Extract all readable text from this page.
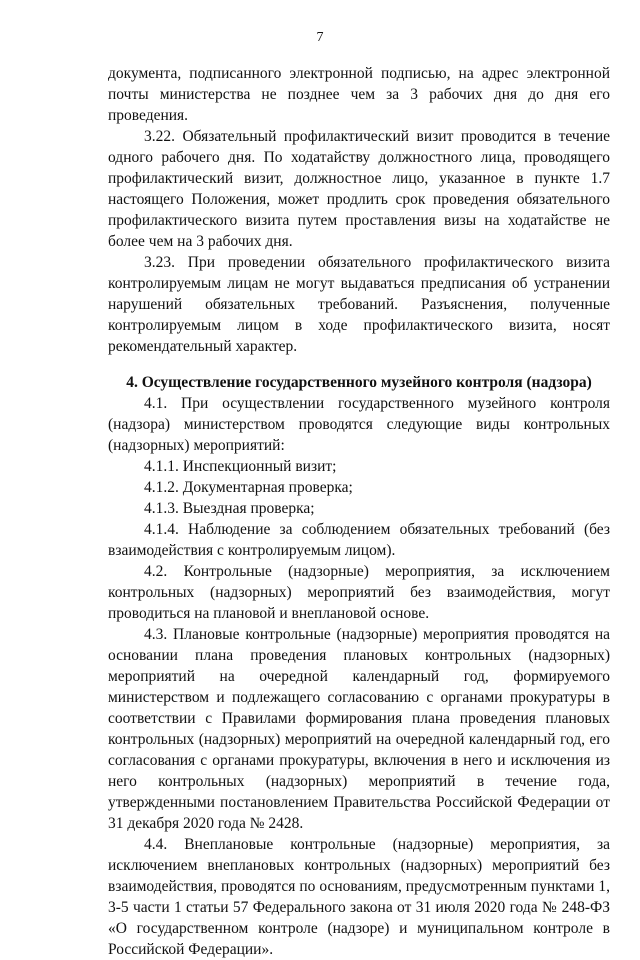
7

документа, подписанного электронной подписью, на адрес электронной почты министерства не позднее чем за 3 рабочих дня до дня его проведения.

3.22. Обязательный профилактический визит проводится в течение одного рабочего дня. По ходатайству должностного лица, проводящего профилактический визит, должностное лицо, указанное в пункте 1.7 настоящего Положения, может продлить срок проведения обязательного профилактического визита путем проставления визы на ходатайстве не более чем на 3 рабочих дня.

3.23. При проведении обязательного профилактического визита контролируемым лицам не могут выдаваться предписания об устранении нарушений обязательных требований. Разъяснения, полученные контролируемым лицом в ходе профилактического визита, носят рекомендательный характер.

4. Осуществление государственного музейного контроля (надзора)

4.1. При осуществлении государственного музейного контроля (надзора) министерством проводятся следующие виды контрольных (надзорных) мероприятий:

4.1.1. Инспекционный визит;

4.1.2. Документарная проверка;

4.1.3. Выездная проверка;

4.1.4. Наблюдение за соблюдением обязательных требований (без взаимодействия с контролируемым лицом).

4.2. Контрольные (надзорные) мероприятия, за исключением контрольных (надзорных) мероприятий без взаимодействия, могут проводиться на плановой и внеплановой основе.

4.3. Плановые контрольные (надзорные) мероприятия проводятся на основании плана проведения плановых контрольных (надзорных) мероприятий на очередной календарный год, формируемого министерством и подлежащего согласованию с органами прокуратуры в соответствии с Правилами формирования плана проведения плановых контрольных (надзорных) мероприятий на очередной календарный год, его согласования с органами прокуратуры, включения в него и исключения из него контрольных (надзорных) мероприятий в течение года, утвержденными постановлением Правительства Российской Федерации от 31 декабря 2020 года № 2428.

4.4. Внеплановые контрольные (надзорные) мероприятия, за исключением внеплановых контрольных (надзорных) мероприятий без взаимодействия, проводятся по основаниям, предусмотренным пунктами 1, 3-5 части 1 статьи 57 Федерального закона от 31 июля 2020 года № 248-ФЗ «О государственном контроле (надзоре) и муниципальном контроле в Российской Федерации».
